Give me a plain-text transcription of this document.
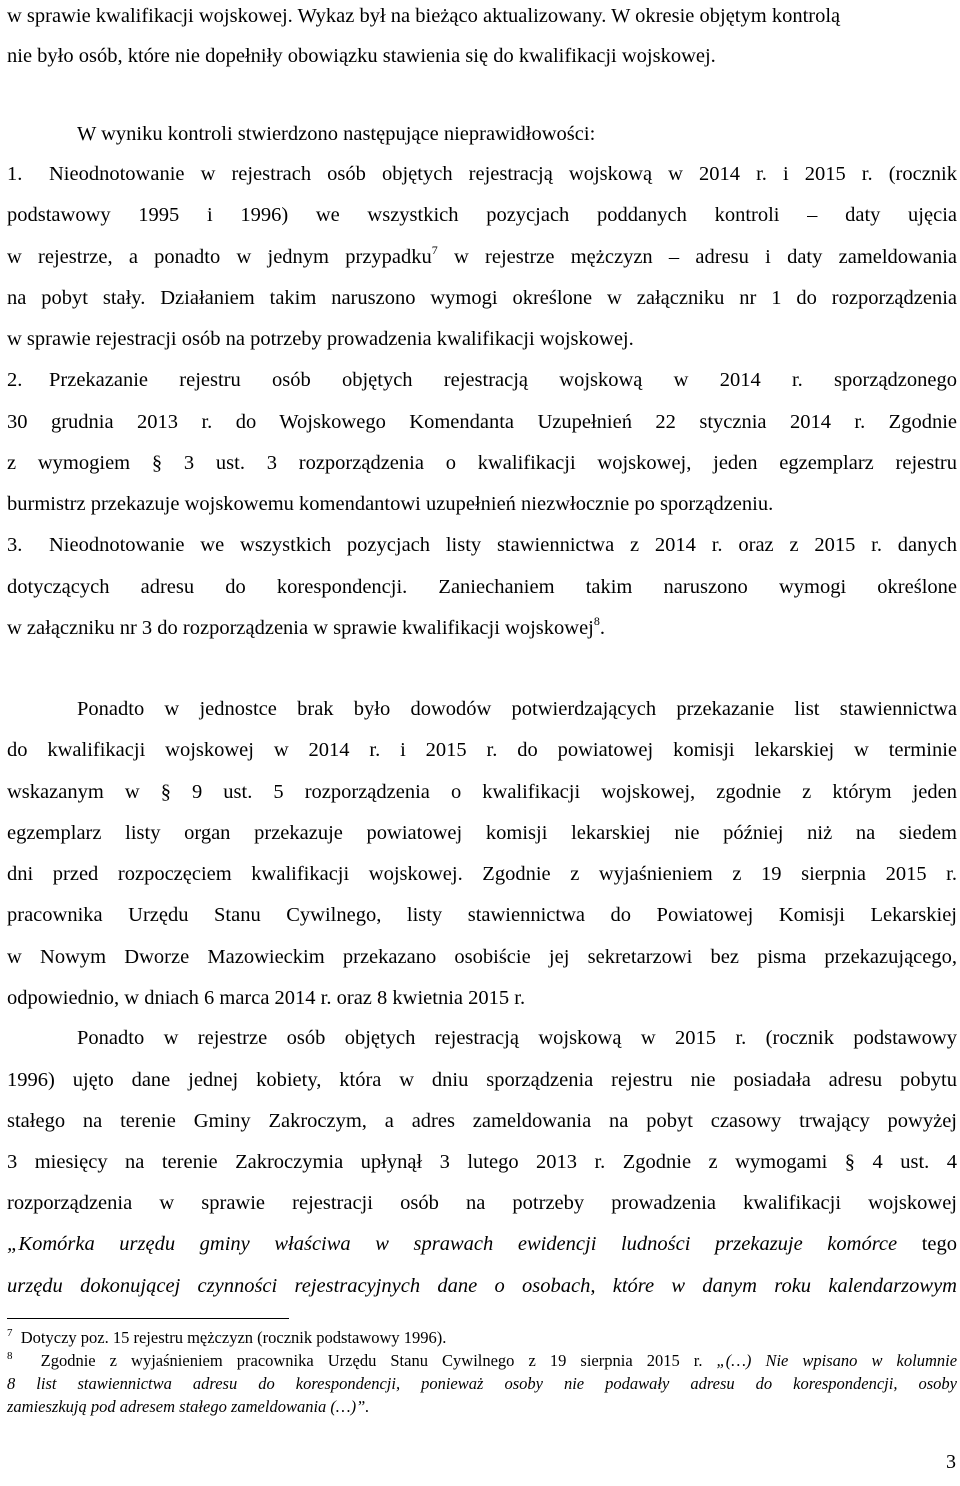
w sprawie kwalifikacji wojskowej. Wykaz był na bieżąco aktualizowany. W okresie objętym kontrolą
nie było osób, które nie dopełniły obowiązku stawienia się do kwalifikacji wojskowej.
W wyniku kontroli stwierdzono następujące nieprawidłowości:
1. Nieodnotowanie w rejestrach osób objętych rejestracją wojskową w 2014 r. i 2015 r. (rocznik
podstawowy 1995 i 1996) we wszystkich pozycjach poddanych kontroli – daty ujęcia
w rejestrze, a ponadto w jednym przypadku$^7$ w rejestrze mężczyzn – adresu i daty zameldowania
na pobyt stały. Działaniem takim naruszono wymogi określone w załączniku nr 1 do rozporządzenia
w sprawie rejestracji osób na potrzeby prowadzenia kwalifikacji wojskowej.
2. Przekazanie rejestru osób objętych rejestracją wojskową w 2014 r. sporządzonego
30 grudnia 2013 r. do Wojskowego Komendanta Uzupełnień 22 stycznia 2014 r. Zgodnie
z wymogiem § 3 ust. 3 rozporządzenia o kwalifikacji wojskowej, jeden egzemplarz rejestru
burmistrz przekazuje wojskowemu komendantowi uzupełnień niezwłocznie po sporządzeniu.
3. Nieodnotowanie we wszystkich pozycjach listy stawiennictwa z 2014 r. oraz z 2015 r. danych
dotyczących adresu do korespondencji. Zaniechaniem takim naruszono wymogi określone
w załączniku nr 3 do rozporządzenia w sprawie kwalifikacji wojskowej$^8$.
Ponadto w jednostce brak było dowodów potwierdzających przekazanie list stawiennictwa
do kwalifikacji wojskowej w 2014 r. i 2015 r. do powiatowej komisji lekarskiej w terminie
wskazanym w § 9 ust. 5 rozporządzenia o kwalifikacji wojskowej, zgodnie z którym jeden
egzemplarz listy organ przekazuje powiatowej komisji lekarskiej nie później niż na siedem
dni przed rozpoczęciem kwalifikacji wojskowej. Zgodnie z wyjaśnieniem z 19 sierpnia 2015 r.
pracownika Urzędu Stanu Cywilnego, listy stawiennictwa do Powiatowej Komisji Lekarskiej
w Nowym Dworze Mazowieckim przekazano osobiście jej sekretarzowi bez pisma przekazującego,
odpowiednio, w dniach 6 marca 2014 r. oraz 8 kwietnia 2015 r.
Ponadto w rejestrze osób objętych rejestracją wojskową w 2015 r. (rocznik podstawowy
1996) ujęto dane jednej kobiety, która w dniu sporządzenia rejestru nie posiadała adresu pobytu
stałego na terenie Gminy Zakroczym, a adres zameldowania na pobyt czasowy trwający powyżej
3 miesięcy na terenie Zakroczymia upłynął 3 lutego 2013 r. Zgodnie z wymogami § 4 ust. 4
rozporządzenia w sprawie rejestracji osób na potrzeby prowadzenia kwalifikacji wojskowej
„Komórka urzędu gminy właściwa w sprawach ewidencji ludności przekazuje komórce tego
urzędu dokonującej czynności rejestracyjnych dane o osobach, które w danym roku kalendarzowym
$^7$ Dotyczy poz. 15 rejestru mężczyzn (rocznik podstawowy 1996).
$^8$ Zgodnie z wyjaśnieniem pracownika Urzędu Stanu Cywilnego z 19 sierpnia 2015 r. „(…) Nie wpisano w kolumnie
8 list stawiennictwa adresu do korespondencji, ponieważ osoby nie podawały adresu do korespondencji, osoby
zamieszkują pod adresem stałego zameldowania (…)”.
3
